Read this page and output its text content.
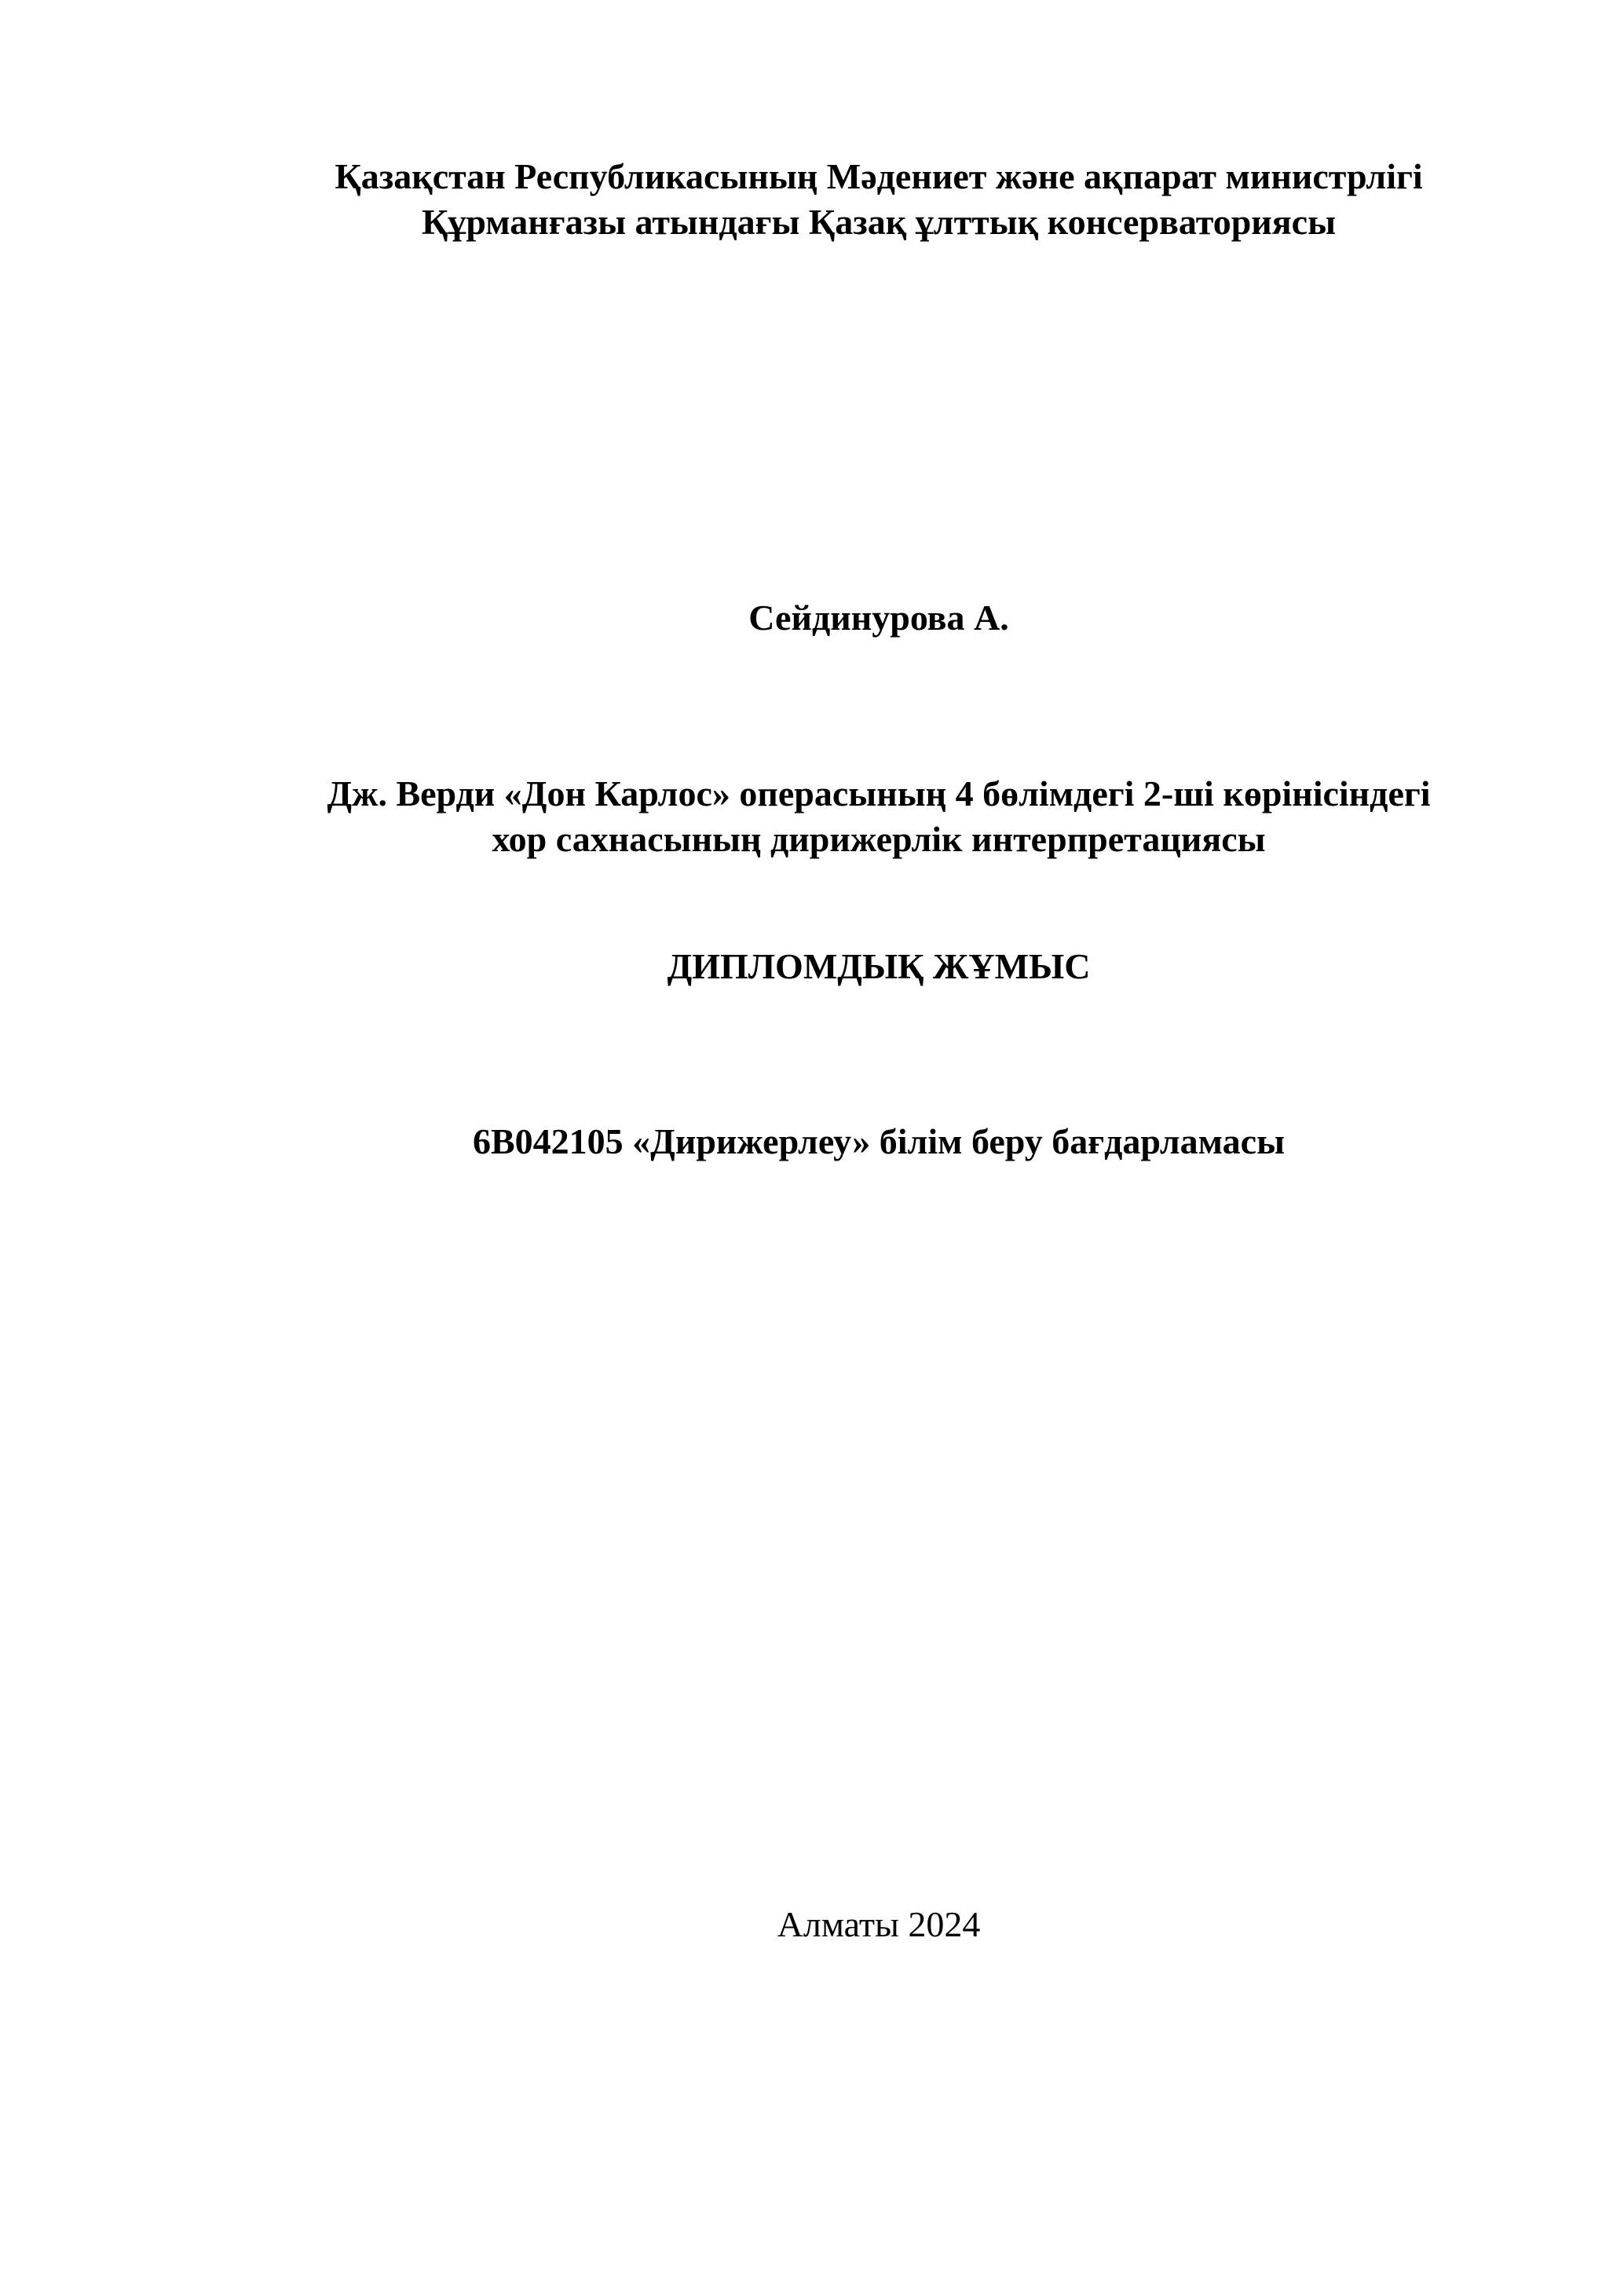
Қазақстан Республикасының Мәдениет және ақпарат министрлігі
Құрманғазы атындағы Қазақ ұлттық консерваториясы
Сейдинурова А.
Дж. Верди «Дон Карлос» операсының 4 бөлімдегі 2-ші көрінісіндегі
хор сахнасының дирижерлік интерпретациясы
ДИПЛОМДЫҚ ЖҰМЫС
6В042105 «Дирижерлеу» білім беру бағдарламасы
Алматы 2024
